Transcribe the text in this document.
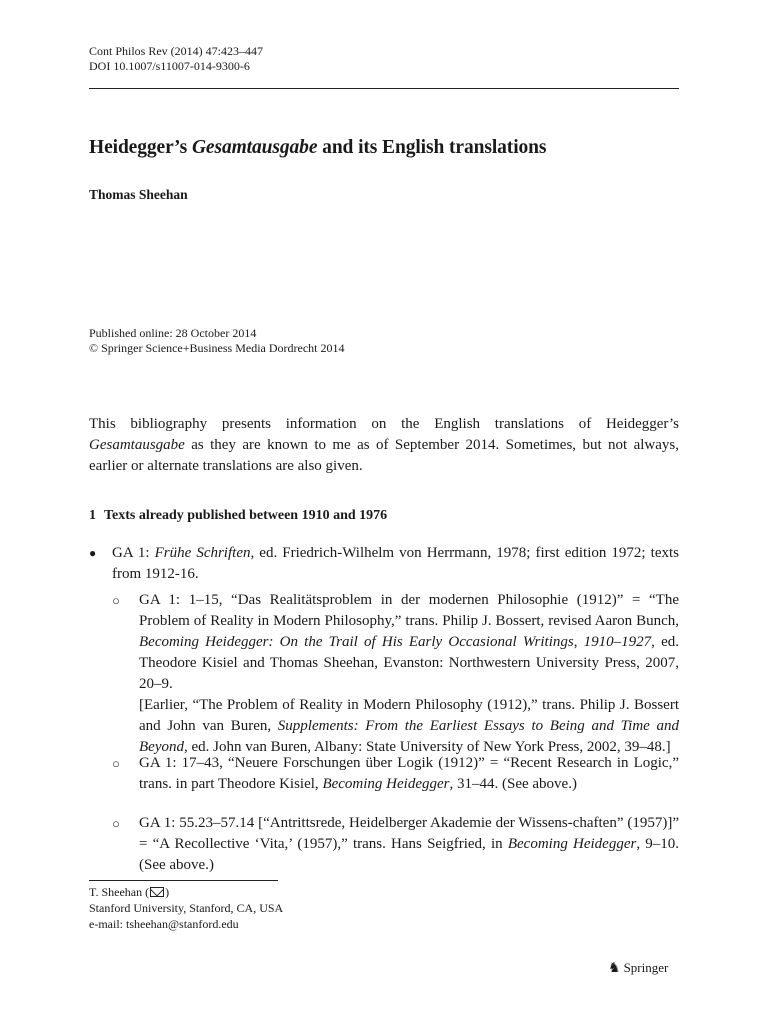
Cont Philos Rev (2014) 47:423–447
DOI 10.1007/s11007-014-9300-6
Heidegger’s Gesamtausgabe and its English translations
Thomas Sheehan
Published online: 28 October 2014
© Springer Science+Business Media Dordrecht 2014
This bibliography presents information on the English translations of Heidegger’s Gesamtausgabe as they are known to me as of September 2014. Sometimes, but not always, earlier or alternate translations are also given.
1 Texts already published between 1910 and 1976
● GA 1: Frühe Schriften, ed. Friedrich-Wilhelm von Herrmann, 1978; first edition 1972; texts from 1912-16.
○ GA 1: 1–15, “Das Realitätsproblem in der modernen Philosophie (1912)” = “The Problem of Reality in Modern Philosophy,” trans. Philip J. Bossert, revised Aaron Bunch, Becoming Heidegger: On the Trail of His Early Occasional Writings, 1910–1927, ed. Theodore Kisiel and Thomas Sheehan, Evanston: Northwestern University Press, 2007, 20–9.
[Earlier, “The Problem of Reality in Modern Philosophy (1912),” trans. Philip J. Bossert and John van Buren, Supplements: From the Earliest Essays to Being and Time and Beyond, ed. John van Buren, Albany: State University of New York Press, 2002, 39–48.]
○ GA 1: 17–43, “Neuere Forschungen über Logik (1912)” = “Recent Research in Logic,” trans. in part Theodore Kisiel, Becoming Heidegger, 31–44. (See above.)
○ GA 1: 55.23–57.14 [“Antrittsrede, Heidelberger Akademie der Wissens-chaften” (1957)]” = “A Recollective ‘Vita,’ (1957),” trans. Hans Seigfried, in Becoming Heidegger, 9–10. (See above.)
T. Sheehan ( )
Stanford University, Stanford, CA, USA
e-mail: tsheehan@stanford.edu
♞ Springer
